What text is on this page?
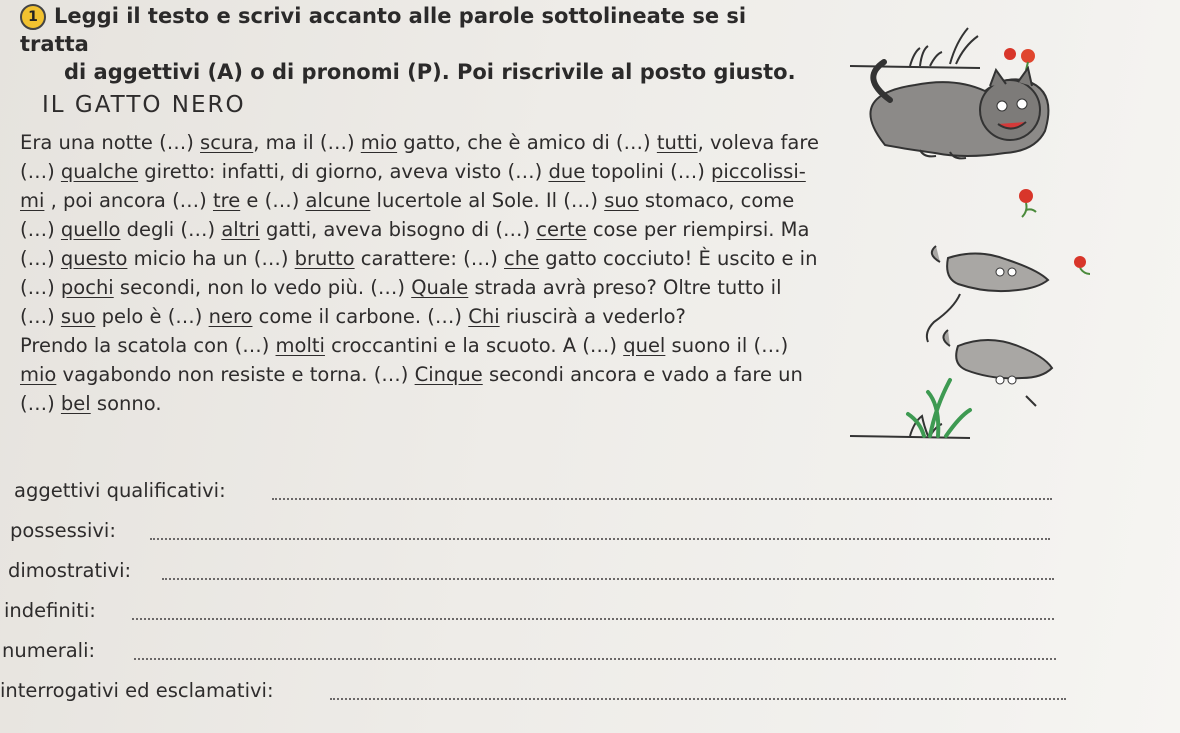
1 Leggi il testo e scrivi accanto alle parole sottolineate se si tratta
di aggettivi (A) o di pronomi (P). Poi riscrivile al posto giusto.
IL GATTO NERO
Era una notte (…) scura, ma il (…) mio gatto, che è amico di (…) tutti, voleva fare
(…) qualche giretto: infatti, di giorno, aveva visto (…) due topolini (…) piccolissi-
mi , poi ancora (…) tre e (…) alcune lucertole al Sole. Il (…) suo stomaco, come
(…) quello degli (…) altri gatti, aveva bisogno di (…) certe cose per riempirsi. Ma
(…) questo micio ha un (…) brutto carattere: (…) che gatto cocciuto! È uscito e in
(…) pochi secondi, non lo vedo più. (…) Quale strada avrà preso? Oltre tutto il
(…) suo pelo è (…) nero come il carbone. (…) Chi riuscirà a vederlo?
Prendo la scatola con (…) molti croccantini e la scuoto. A (…) quel suono il (…)
mio vagabondo non resiste e torna. (…) Cinque secondi ancora e vado a fare un
(…) bel sonno.
aggettivi qualificativi:
possessivi:
dimostrativi:
indefiniti:
numerali:
interrogativi ed esclamativi:
